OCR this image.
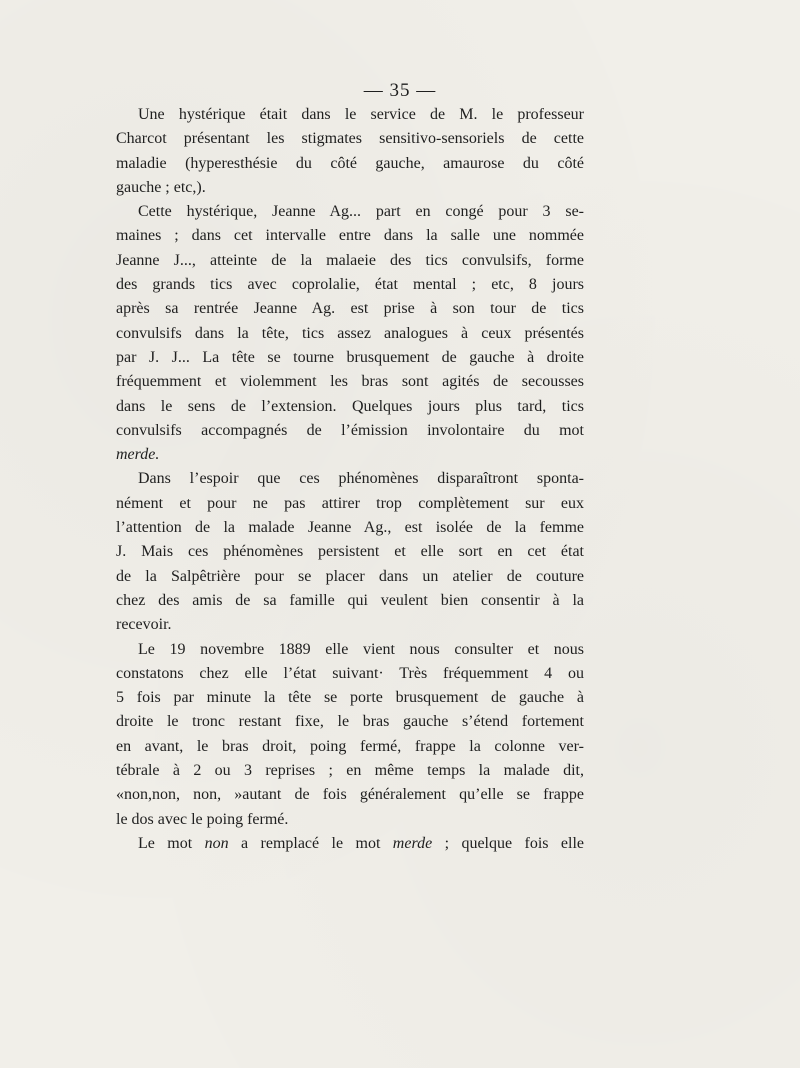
— 35 —
Une hystérique était dans le service de M. le professeur
Charcot présentant les stigmates sensitivo-sensoriels de cette
maladie (hyperesthésie du côté gauche, amaurose du côté
gauche ; etc,).
Cette hystérique, Jeanne Ag... part en congé pour 3 se-
maines ; dans cet intervalle entre dans la salle une nommée
Jeanne J..., atteinte de la malaeie des tics convulsifs, forme
des grands tics avec coprolalie, état mental ; etc, 8 jours
après sa rentrée Jeanne Ag. est prise à son tour de tics
convulsifs dans la tête, tics assez analogues à ceux présentés
par J. J... La tête se tourne brusquement de gauche à droite
fréquemment et violemment les bras sont agités de secousses
dans le sens de l’extension. Quelques jours plus tard, tics
convulsifs accompagnés de l’émission involontaire du mot
merde.
Dans l’espoir que ces phénomènes disparaîtront sponta-
nément et pour ne pas attirer trop complètement sur eux
l’attention de la malade Jeanne Ag., est isolée de la femme
J. Mais ces phénomènes persistent et elle sort en cet état
de la Salpêtrière pour se placer dans un atelier de couture
chez des amis de sa famille qui veulent bien consentir à la
recevoir.
Le 19 novembre 1889 elle vient nous consulter et nous
constatons chez elle l’état suivant· Très fréquemment 4 ou
5 fois par minute la tête se porte brusquement de gauche à
droite le tronc restant fixe, le bras gauche s’étend fortement
en avant, le bras droit, poing fermé, frappe la colonne ver-
tébrale à 2 ou 3 reprises ; en même temps la malade dit,
«non,non, non, »autant de fois généralement qu’elle se frappe
le dos avec le poing fermé.
Le mot non a remplacé le mot merde ; quelque fois elle
